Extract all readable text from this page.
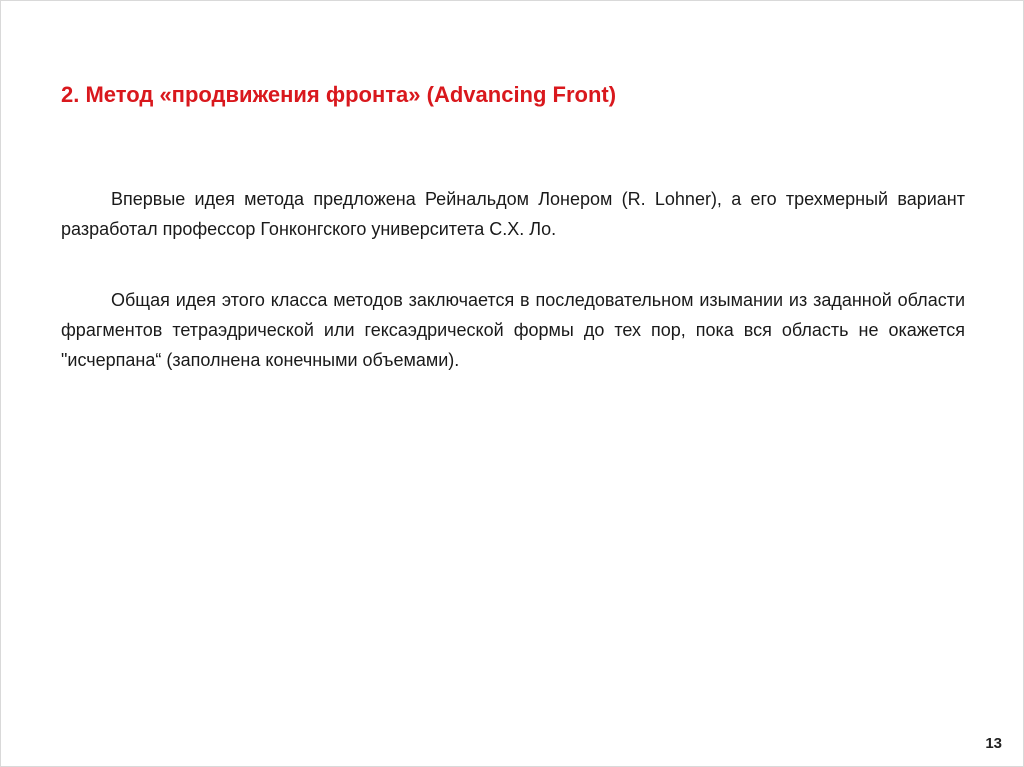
2. Метод «продвижения фронта» (Advancing Front)

Впервые идея метода предложена Рейнальдом Лонером (R. Lohner), а его трехмерный вариант разработал профессор Гонконгского университета С.Х. Ло.

Общая идея этого класса методов заключается в последовательном изымании из заданной области фрагментов тетраэдрической или гексаэдрической формы до тех пор, пока вся область не окажется "исчерпана“ (заполнена конечными объемами).

13
